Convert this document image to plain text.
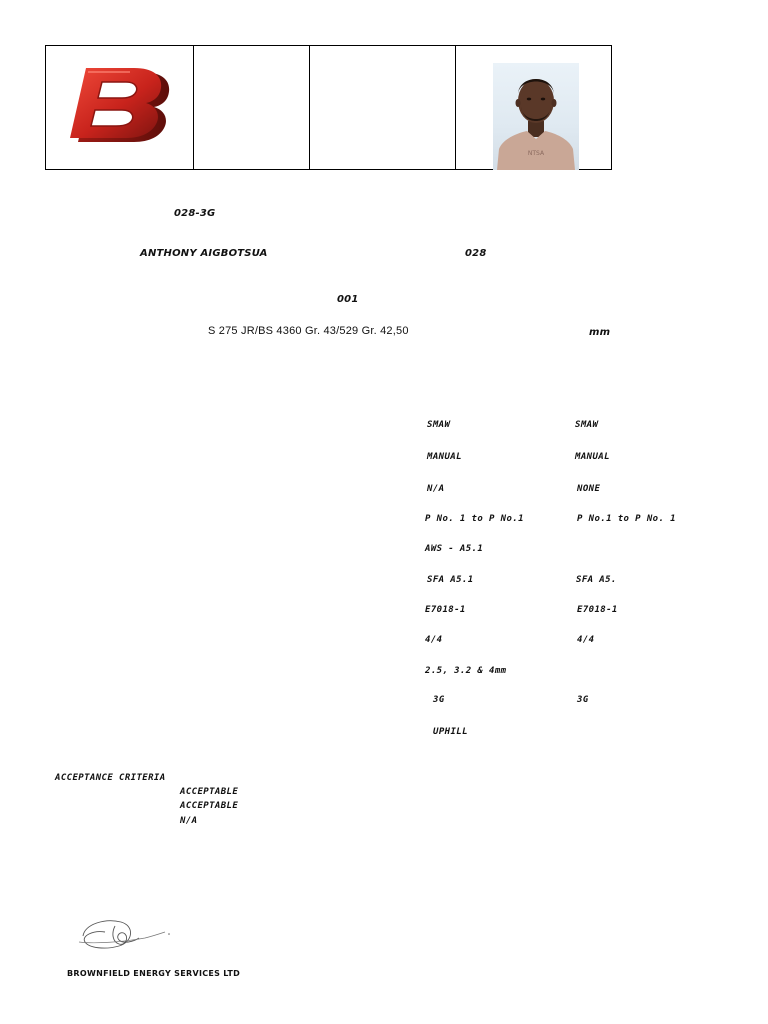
NTSA
028-3G
ANTHONY AIGBOTSUA	028
001
S 275 JR/BS 4360 Gr. 43/529 Gr. 42,50	mm
SMAW
MANUAL
N/A
P No. 1 to P No.1
AWS - A5.1
SFA A5.1
E7018-1
4/4
2.5, 3.2 & 4mm
3G
UPHILL
SMAW
MANUAL
NONE
P No.1 to P No. 1
SFA A5.
E7018-1
4/4
3G
ACCEPTANCE CRITERIA
ACCEPTABLE
ACCEPTABLE
N/A
BROWNFIELD ENERGY SERVICES LTD
